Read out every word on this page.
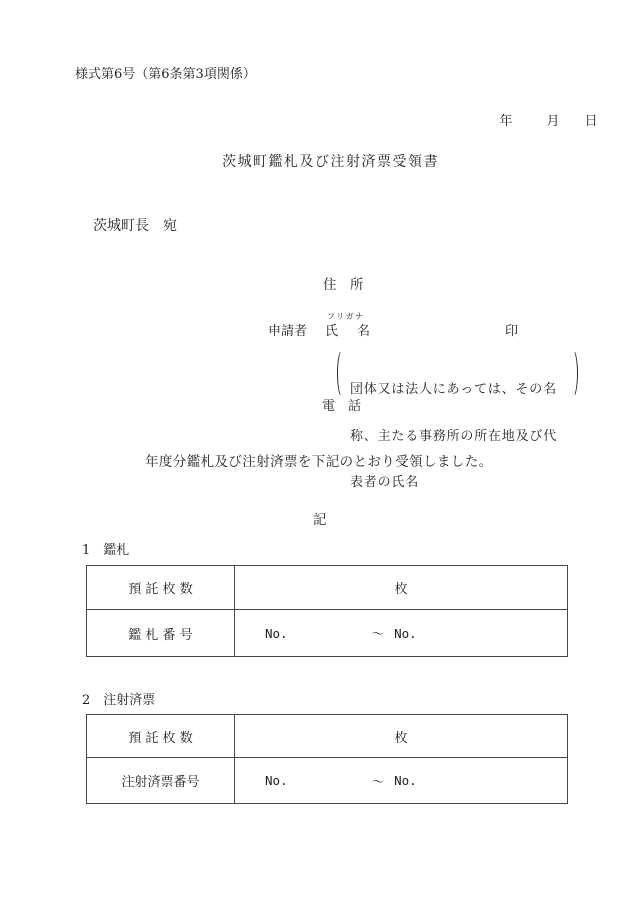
様式第6号（第6条第3項関係）

年	月 日

茨城町鑑札及び注射済票受領書
茨城町長　宛
住　所
申請者
フリガナ
氏　名	印

団体又は法人にあっては、その名

称、主たる事務所の所在地及び代

表者の氏名

電　話
年度分鑑札及び注射済票を下記のとおり受領しました。
記
1　鑑札
預 託 枚 数	枚
鑑 札 番 号	No.	～ No.
2　注射済票
預 託 枚 数	枚
注射済票番号	No.	～ No.
